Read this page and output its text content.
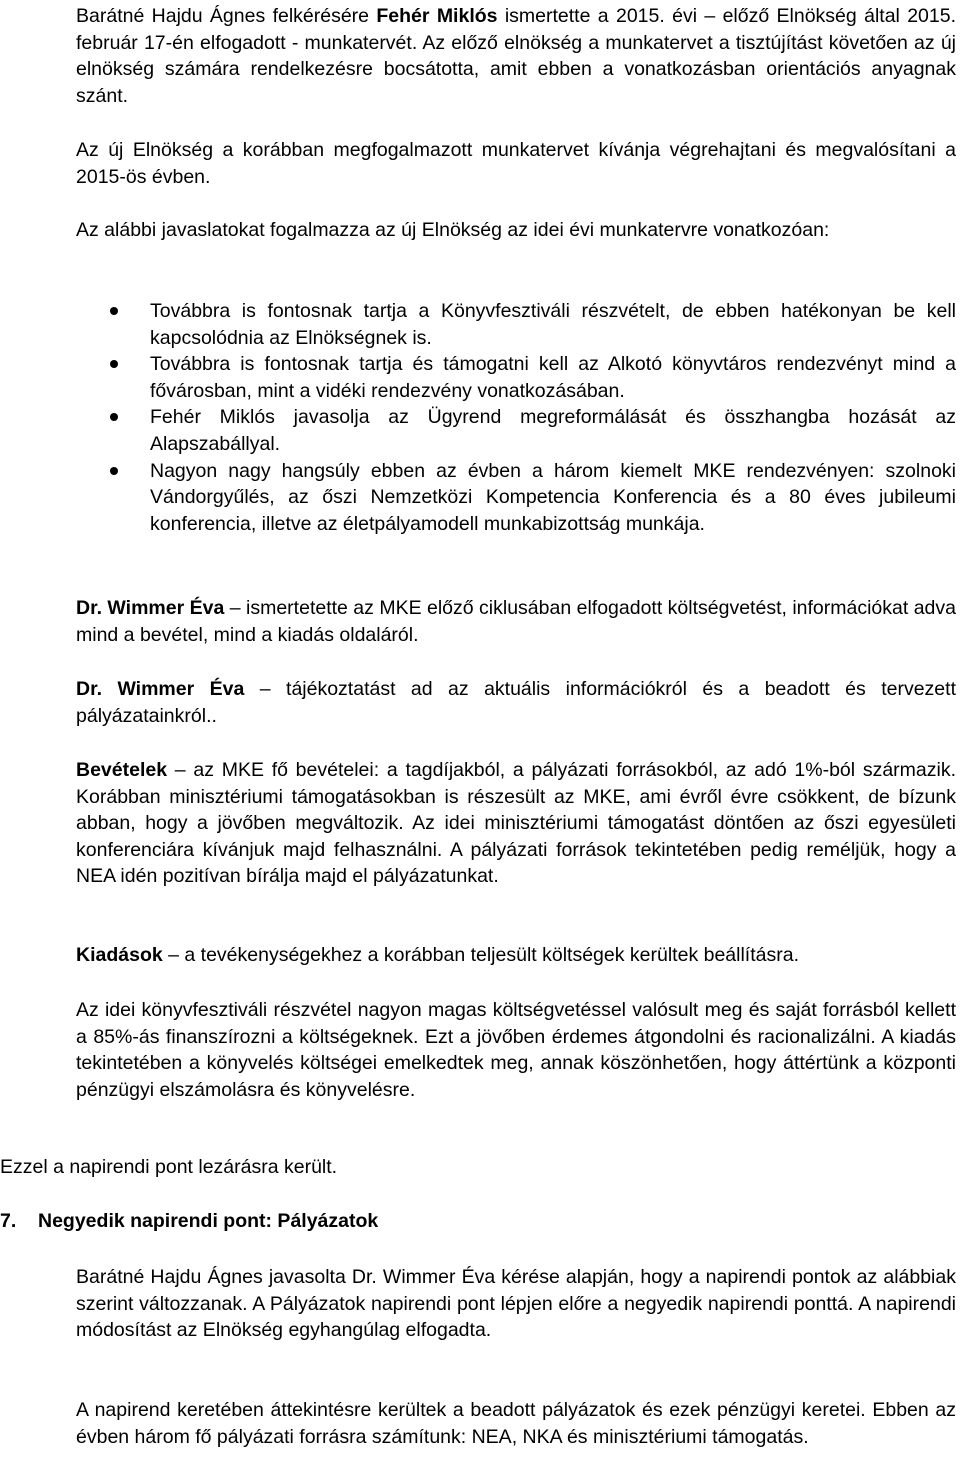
Barátné Hajdu Ágnes felkérésére Fehér Miklós ismertette a 2015. évi – előző Elnökség által 2015. február 17-én elfogadott - munkatervét. Az előző elnökség a munkatervet a tisztújítást követően az új elnökség számára rendelkezésre bocsátotta, amit ebben a vonatkozásban orientációs anyagnak szánt.

Az új Elnökség a korábban megfogalmazott munkatervet kívánja végrehajtani és megvalósítani a 2015-ös évben.

Az alábbi javaslatokat fogalmazza az új Elnökség az idei évi munkatervre vonatkozóan:

Továbbra is fontosnak tartja a Könyvfesztiváli részvételt, de ebben hatékonyan be kell kapcsolódnia az Elnökségnek is.
Továbbra is fontosnak tartja és támogatni kell az Alkotó könyvtáros rendezvényt mind a fővárosban, mint a vidéki rendezvény vonatkozásában.
Fehér Miklós javasolja az Ügyrend megreformálását és összhangba hozását az Alapszabállyal.
Nagyon nagy hangsúly ebben az évben a három kiemelt MKE rendezvényen: szolnoki Vándorgyűlés, az őszi Nemzetközi Kompetencia Konferencia és a 80 éves jubileumi konferencia, illetve az életpályamodell munkabizottság munkája.

Dr. Wimmer Éva – ismertetette az MKE előző ciklusában elfogadott költségvetést, információkat adva mind a bevétel, mind a kiadás oldaláról.

Dr. Wimmer Éva – tájékoztatást ad az aktuális információkról és a beadott és tervezett pályázatainkról..

Bevételek – az MKE fő bevételei: a tagdíjakból, a pályázati forrásokból, az adó 1%-ból származik. Korábban minisztériumi támogatásokban is részesült az MKE, ami évről évre csökkent, de bízunk abban, hogy a jövőben megváltozik. Az idei minisztériumi támogatást döntően az őszi egyesületi konferenciára kívánjuk majd felhasználni. A pályázati források tekintetében pedig reméljük, hogy a NEA idén pozitívan bírálja majd el pályázatunkat.

Kiadások – a tevékenységekhez a korábban teljesült költségek kerültek beállításra.

Az idei könyvfesztiváli részvétel nagyon magas költségvetéssel valósult meg és saját forrásból kellett a 85%-ás finanszírozni a költségeknek. Ezt a jövőben érdemes átgondolni és racionalizálni. A kiadás tekintetében a könyvelés költségei emelkedtek meg, annak köszönhetően, hogy áttértünk a központi pénzügyi elszámolásra és könyvelésre.

Ezzel a napirendi pont lezárásra került.

7. Negyedik napirendi pont: Pályázatok

Barátné Hajdu Ágnes javasolta Dr. Wimmer Éva kérése alapján, hogy a napirendi pontok az alábbiak szerint változzanak. A Pályázatok napirendi pont lépjen előre a negyedik napirendi ponttá. A napirendi módosítást az Elnökség egyhangúlag elfogadta.

A napirend keretében áttekintésre kerültek a beadott pályázatok és ezek pénzügyi keretei. Ebben az évben három fő pályázati forrásra számítunk: NEA, NKA és minisztériumi támogatás.
